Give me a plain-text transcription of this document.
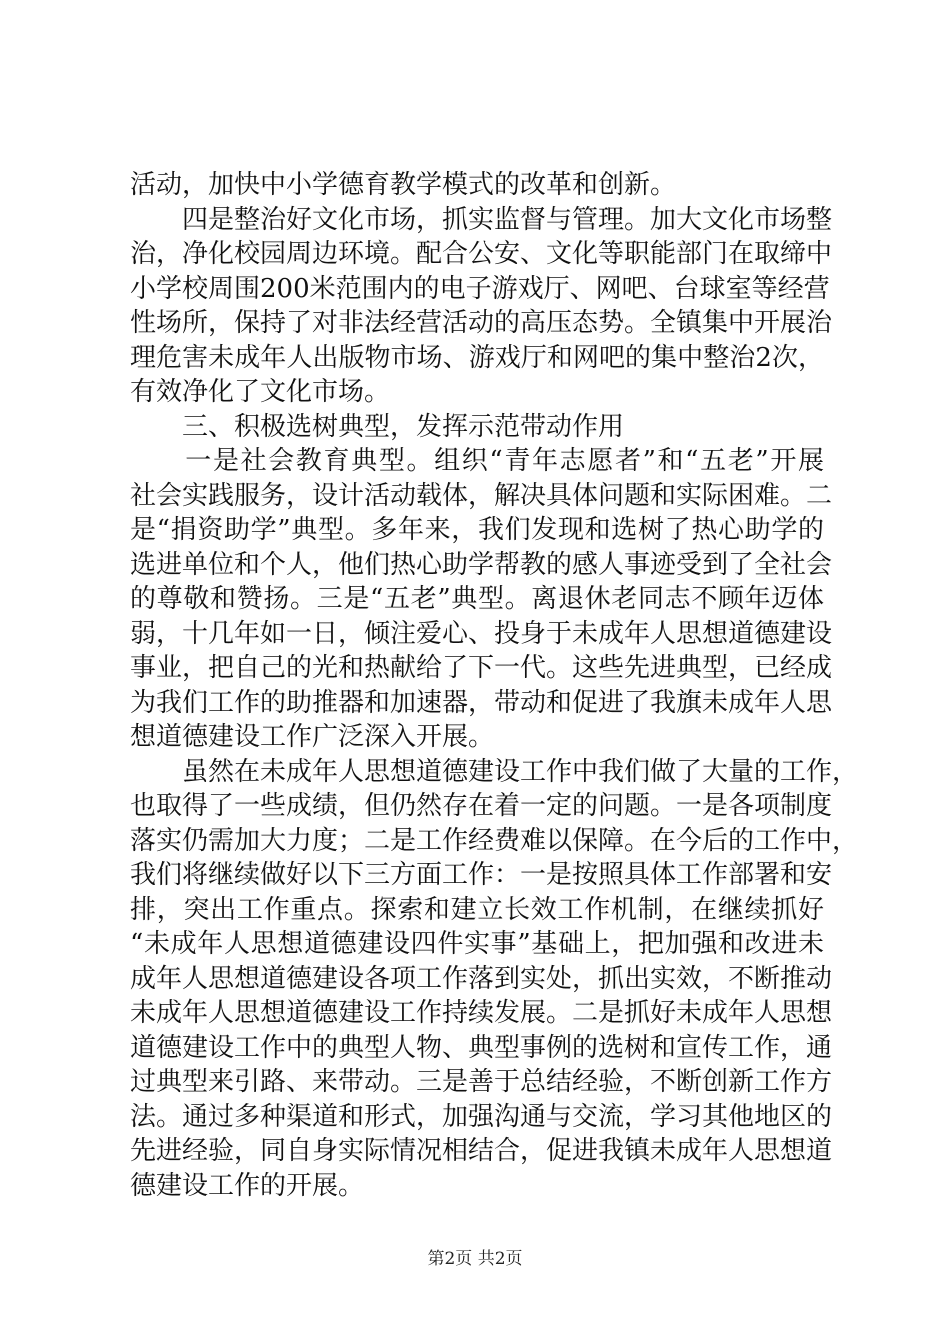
活动，加快中小学德育教学模式的改革和创新。
　　四是整治好文化市场，抓实监督与管理。加大文化市场整
治，净化校园周边环境。配合公安、文化等职能部门在取缔中
小学校周围200米范围内的电子游戏厅、网吧、台球室等经营
性场所，保持了对非法经营活动的高压态势。全镇集中开展治
理危害未成年人出版物市场、游戏厅和网吧的集中整治2次，
有效净化了文化市场。
　　三、积极选树典型，发挥示范带动作用
　　一是社会教育典型。组织“青年志愿者”和“五老”开展
社会实践服务，设计活动载体，解决具体问题和实际困难。二
是“捐资助学”典型。多年来，我们发现和选树了热心助学的
选进单位和个人，他们热心助学帮教的感人事迹受到了全社会
的尊敬和赞扬。三是“五老”典型。离退休老同志不顾年迈体
弱，十几年如一日，倾注爱心、投身于未成年人思想道德建设
事业，把自己的光和热献给了下一代。这些先进典型，已经成
为我们工作的助推器和加速器，带动和促进了我旗未成年人思
想道德建设工作广泛深入开展。
　　虽然在未成年人思想道德建设工作中我们做了大量的工作，
也取得了一些成绩，但仍然存在着一定的问题。一是各项制度
落实仍需加大力度；二是工作经费难以保障。在今后的工作中，
我们将继续做好以下三方面工作：一是按照具体工作部署和安
排，突出工作重点。探索和建立长效工作机制，在继续抓好
“未成年人思想道德建设四件实事”基础上，把加强和改进未
成年人思想道德建设各项工作落到实处，抓出实效，不断推动
未成年人思想道德建设工作持续发展。二是抓好未成年人思想
道德建设工作中的典型人物、典型事例的选树和宣传工作，通
过典型来引路、来带动。三是善于总结经验，不断创新工作方
法。通过多种渠道和形式，加强沟通与交流，学习其他地区的
先进经验，同自身实际情况相结合，促进我镇未成年人思想道
德建设工作的开展。
第2页 共2页
